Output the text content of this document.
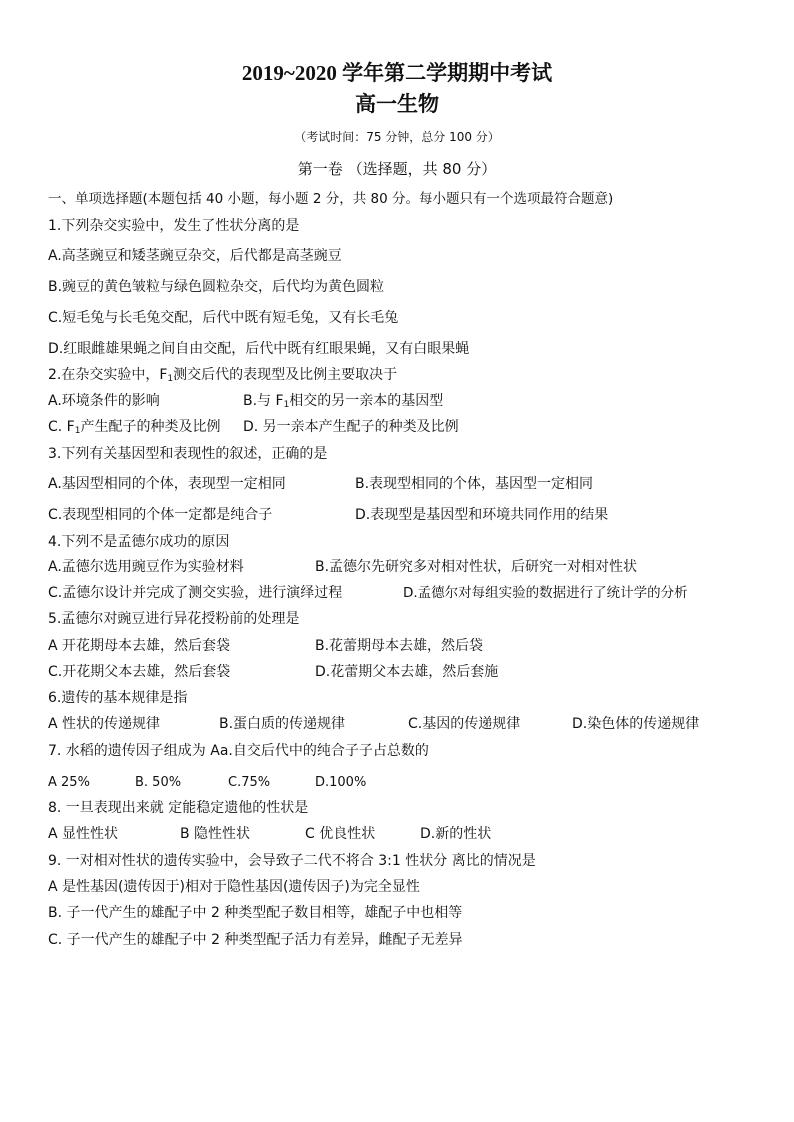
2019~2020 学年第二学期期中考试
高一生物
（考试时间：75 分钟，总分 100 分）
第一卷 （选择题，共 80 分）
一、单项选择题(本题包括 40 小题，每小题 2 分，共 80 分。每小题只有一个选项最符合题意)
1.下列杂交实验中，发生了性状分离的是
A.高茎豌豆和矮茎豌豆杂交，后代都是高茎豌豆
B.豌豆的黄色皱粒与绿色圆粒杂交，后代均为黄色圆粒
C.短毛兔与长毛兔交配，后代中既有短毛兔，又有长毛兔
D.红眼雌雄果蝇之间自由交配，后代中既有红眼果蝇，又有白眼果蝇
2.在杂交实验中，$F_1$测交后代的表现型及比例主要取决于
A.环境条件的影响	B.与 $F_1$相交的另一亲本的基因型
C. $F_1$产生配子的种类及比例 D. 另一亲本产生配子的种类及比例
3.下列有关基因型和表现性的叙述，正确的是
A.基因型相同的个体，表现型一定相同	B.表现型相同的个体，基因型一定相同
C.表现型相同的个体一定都是纯合子	D.表现型是基因型和环境共同作用的结果
4.下列不是孟德尔成功的原因
A.孟德尔选用豌豆作为实验材料	B.孟德尔先研究多对相对性状，后研究一对相对性状
C.孟德尔设计并完成了测交实验，进行演绎过程	D.孟德尔对每组实验的数据进行了统计学的分析
5.孟德尔对豌豆进行异花授粉前的处理是
A 开花期母本去雄，然后套袋	B.花蕾期母本去雄，然后袋
C.开花期父本去雄，然后套袋	D.花蕾期父本去雄，然后套施
6.遗传的基本规律是指
A 性状的传递规律	B.蛋白质的传递规律	C.基因的传递规律	D.染色体的传递规律
7. 水稻的遗传因子组成为 Aa.自交后代中的纯合子子占总数的
A 25%	B. 50%	C.75%	D.100%
8. 一旦表现出来就 定能稳定遗他的性状是
A 显性性状	B 隐性性状	C 优良性状	D.新的性状
9. 一对相对性状的遗传实验中，会导致子二代不将合 3:1 性状分 离比的情况是
A 是性基因(遗传因于)相对于隐性基因(遗传因子)为完全显性
B. 子一代产生的雄配子中 2 种类型配子数目相等，雄配子中也相等
C. 子一代产生的雄配子中 2 种类型配子活力有差异，雌配子无差异
